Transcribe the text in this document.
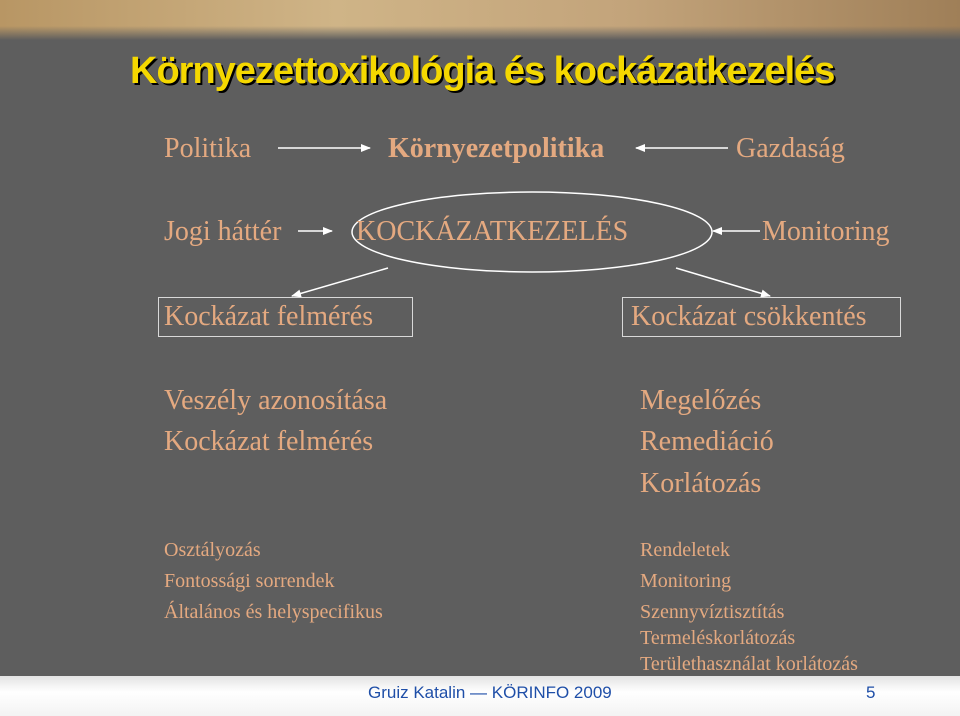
Környezettoxikológia és kockázatkezelés
Politika	Környezetpolitika	Gazdaság
Jogi háttér	KOCKÁZATKEZELÉS	Monitoring
Kockázat felmérés	Kockázat csökkentés
Veszély azonosítása
Kockázat felmérés
Megelőzés
Remediáció
Korlátozás
Osztályozás
Fontossági sorrendek
Általános és helyspecifikus
Rendeletek
Monitoring
Szennyvíztisztítás
Termeléskorlátozás
Területhasználat korlátozás
Gruiz Katalin — KÖRINFO 2009	5
